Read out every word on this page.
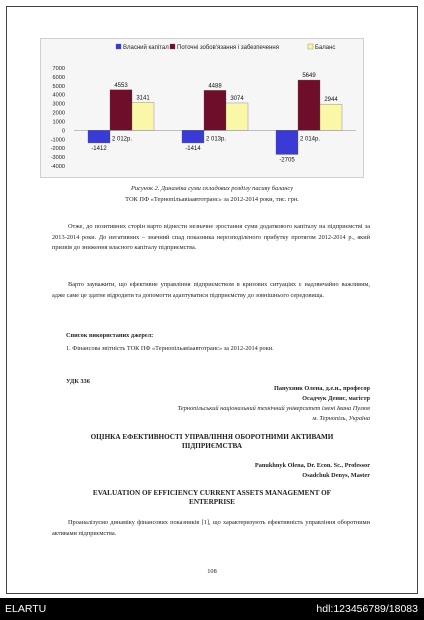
Власний капітал Поточні зобов'язання і забезпечення	Баланс
7000
6000
5000
4000
3000
2000
1000
0
-1000
-2000
-3000
-4000
-1412
4553
3141
2 012р.
-1414
4488
3074
2 013р.
-2705
5649
2944
2 014р.
Рисунок 2. Динаміка суми складових розділу пасиву балансу
ТОК ПФ «Тернопільавіаавтотранс» за 2012-2014 роки, тис. грн.
Отже, до позитивних сторін варто віднести незначне зростання суми додаткового капіталу на підприємстві за 2013-2014 роки. До негативних – значний спад показника нерозподіленого прибутку протягом 2012-2014 р., який призвів до зниження власного капіталу підприємства.
Варто зауважити, що ефективне управління підприємством в кризових ситуаціях є надзвичайно важливим, адже саме це здатне відродити та допомогти адаптуватися підприємству до зовнішнього середовища.
Список використаних джерел:
1. Фінансова звітність ТОК ПФ «Тернопільавіаавтотранс» за 2012-2014 роки.
УДК 336
Панухник Олена, д.е.н., професор
Осадчук Денис, магістр
Тернопільський національний технічний університет імені Івана Пулюя
м. Тернопіль, Україна
ОЦІНКА ЕФЕКТИВНОСТІ УПРАВЛІННЯ ОБОРОТНИМИ АКТИВАМИ
ПІДПРИЄМСТВА
Panukhnyk Olena, Dr. Econ. Sc., Professor
Osadchuk Denys, Master
EVALUATION OF EFFICIENCY CURRENT ASSETS MANAGEMENT OF
ENTERPRISE
Проаналізуємо динаміку фінансових показників [1], що характеризують ефективність управління оборотними активами підприємства.
108
ELARTU	hdl:123456789/18083
